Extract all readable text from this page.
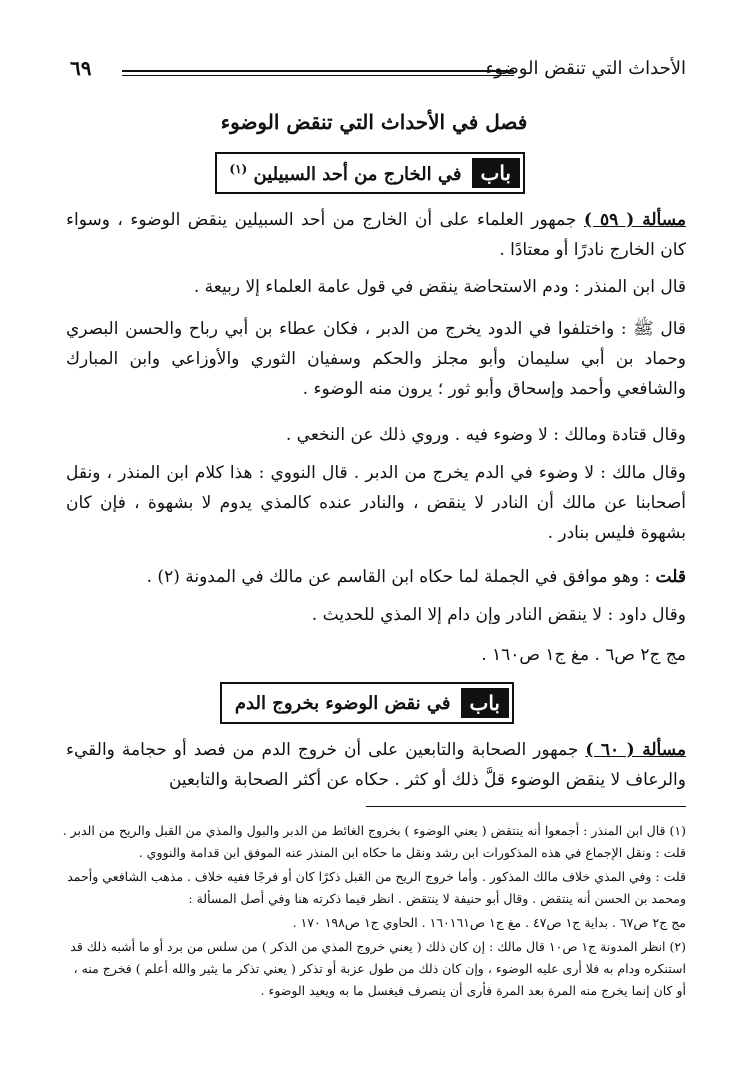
الأحداث التي تنقض الوضوء
٦٩
فصل في الأحداث التي تنقض الوضوء
باب
في الخارج من أحد السبيلين $^{(١)}$
مسألة ( ٥٩ ) جمهور العلماء على أن الخارج من أحد السبيلين ينقض الوضوء ، وسواء كان الخارج نادرًا أو معتادًا .
قال ابن المنذر : ودم الاستحاضة ينقض في قول عامة العلماء إلا ربيعة .
قال ﷺ : واختلفوا في الدود يخرج من الدبر ، فكان عطاء بن أبي رباح والحسن البصري وحماد بن أبي سليمان وأبو مجلز والحكم وسفيان الثوري والأوزاعي وابن المبارك والشافعي وأحمد وإسحاق وأبو ثور ؛ يرون منه الوضوء .
وقال قتادة ومالك : لا وضوء فيه . وروي ذلك عن النخعي .
وقال مالك : لا وضوء في الدم يخرج من الدبر . قال النووي : هذا كلام ابن المنذر ، ونقل أصحابنا عن مالك أن النادر لا ينقض ، والنادر عنده كالمذي يدوم لا بشهوة ، فإن كان بشهوة فليس بنادر .
قلت : وهو موافق في الجملة لما حكاه ابن القاسم عن مالك في المدونة (٢) .
وقال داود : لا ينقض النادر وإن دام إلا المذي للحديث .
مج ج٢ ص٦ . مغ ج١ ص١٦٠ .
باب
في نقض الوضوء بخروج الدم
مسألة ( ٦٠ ) جمهور الصحابة والتابعين على أن خروج الدم من فصد أو حجامة والقيء والرعاف لا ينقض الوضوء قلَّ ذلك أو كثر . حكاه عن أكثر الصحابة والتابعين
(١) قال ابن المنذر : أجمعوا أنه ينتقض ( يعني الوضوء ) بخروج الغائط من الدبر والبول والمذي من القبل والريح من الدبر . قلت : ونقل الإجماع في هذه المذكورات ابن رشد ونقل ما حكاه ابن المنذر عنه الموفق ابن قدامة والنووي .
قلت : وفي المذي خلاف مالك المذكور . وأما خروج الريح من القبل ذكرًا كان أو فرجًا ففيه خلاف . مذهب الشافعي وأحمد ومحمد بن الحسن أنه ينتقض . وقال أبو حنيفة لا ينتقض . انظر فيما ذكرته هنا وفي أصل المسألة :
مج ج٢ ص٦٧ . بداية ج١ ص٤٧ . مغ ج١ ص١٦٠١٦١ . الحاوي ج١ ص١٩٨ ١٧٠ .
(٢) انظر المدونة ج١ ص١٠ قال مالك : إن كان ذلك ( يعني خروج المذي من الذكر ) من سلس من برد أو ما أشبه ذلك قد استنكره ودام به فلا أرى عليه الوضوء ، وإن كان ذلك من طول عزبة أو تذكر ( يعني تذكر ما يثير والله أعلم ) فخرج منه ، أو كان إنما يخرج منه المرة بعد المرة فأرى أن ينصرف فيغسل ما به ويعيد الوضوء .
